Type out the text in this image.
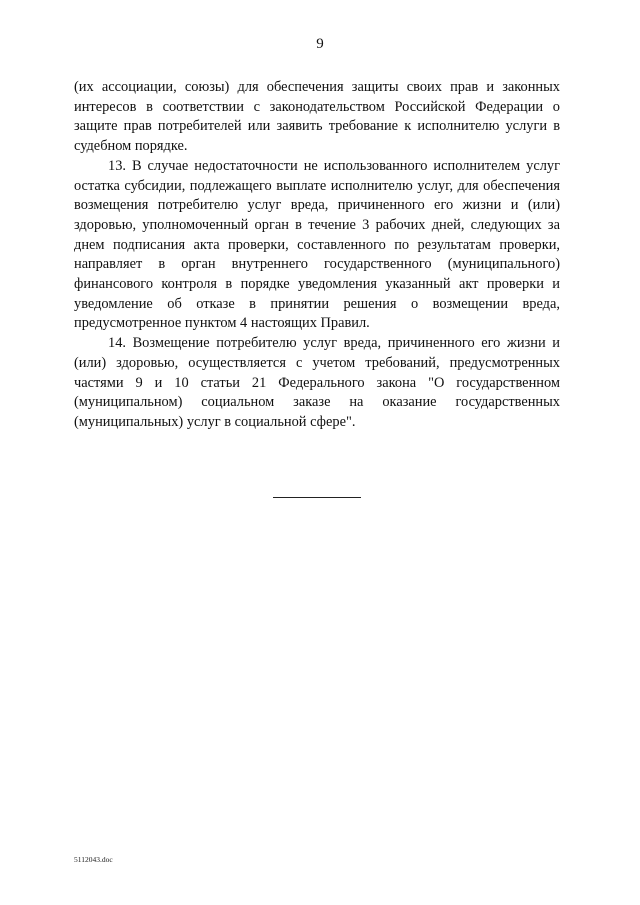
9

(их ассоциации, союзы) для обеспечения защиты своих прав и законных интересов в соответствии с законодательством Российской Федерации о защите прав потребителей или заявить требование к исполнителю услуги в судебном порядке.

13. В случае недостаточности не использованного исполнителем услуг остатка субсидии, подлежащего выплате исполнителю услуг, для обеспечения возмещения потребителю услуг вреда, причиненного его жизни и (или) здоровью, уполномоченный орган в течение 3 рабочих дней, следующих за днем подписания акта проверки, составленного по результатам проверки, направляет в орган внутреннего государственного (муниципального) финансового контроля в порядке уведомления указанный акт проверки и уведомление об отказе в принятии решения о возмещении вреда, предусмотренное пунктом 4 настоящих Правил.

14. Возмещение потребителю услуг вреда, причиненного его жизни и (или) здоровью, осуществляется с учетом требований, предусмотренных частями 9 и 10 статьи 21 Федерального закона "О государственном (муниципальном) социальном заказе на оказание государственных (муниципальных) услуг в социальной сфере".

5112043.doc
